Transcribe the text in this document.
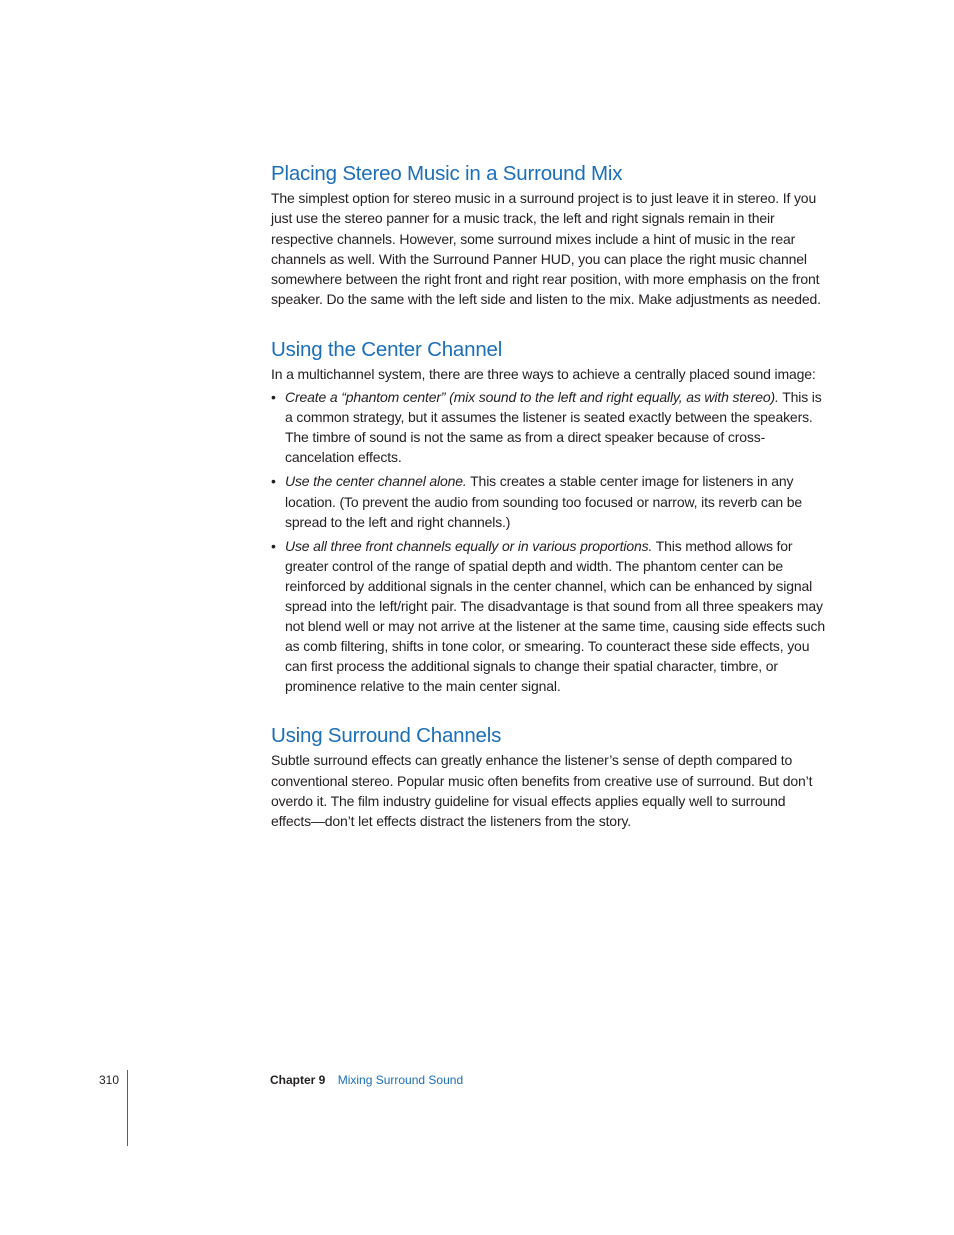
Placing Stereo Music in a Surround Mix

The simplest option for stereo music in a surround project is to just leave it in stereo. If you just use the stereo panner for a music track, the left and right signals remain in their respective channels. However, some surround mixes include a hint of music in the rear channels as well. With the Surround Panner HUD, you can place the right music channel somewhere between the right front and right rear position, with more emphasis on the front speaker. Do the same with the left side and listen to the mix. Make adjustments as needed.

Using the Center Channel

In a multichannel system, there are three ways to achieve a centrally placed sound image:

• Create a “phantom center” (mix sound to the left and right equally, as with stereo). This is a common strategy, but it assumes the listener is seated exactly between the speakers. The timbre of sound is not the same as from a direct speaker because of cross-cancelation effects.
• Use the center channel alone. This creates a stable center image for listeners in any location. (To prevent the audio from sounding too focused or narrow, its reverb can be spread to the left and right channels.)
• Use all three front channels equally or in various proportions. This method allows for greater control of the range of spatial depth and width. The phantom center can be reinforced by additional signals in the center channel, which can be enhanced by signal spread into the left/right pair. The disadvantage is that sound from all three speakers may not blend well or may not arrive at the listener at the same time, causing side effects such as comb filtering, shifts in tone color, or smearing. To counteract these side effects, you can first process the additional signals to change their spatial character, timbre, or prominence relative to the main center signal.
Using Surround Channels

Subtle surround effects can greatly enhance the listener’s sense of depth compared to conventional stereo. Popular music often benefits from creative use of surround. But don’t overdo it. The film industry guideline for visual effects applies equally well to surround effects—don’t let effects distract the listeners from the story.

310	Chapter 9 Mixing Surround Sound
